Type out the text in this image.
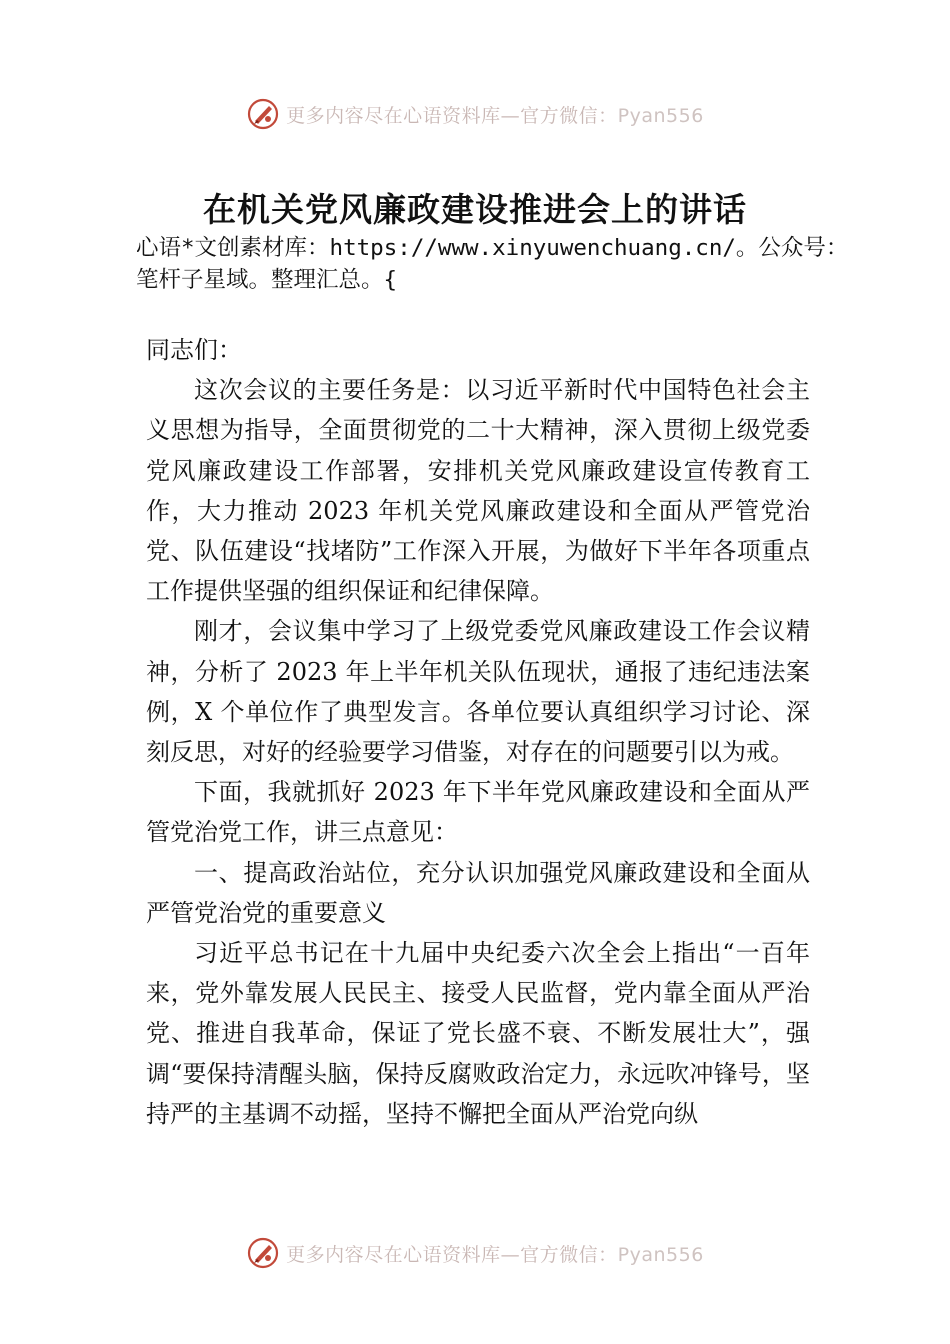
更多内容尽在心语资料库—官方微信：Pyan556
在机关党风廉政建设推进会上的讲话
心语*文创素材库：https://www.xinyuwenchuang.cn/。公众号：笔杆子星域。整理汇总。{

同志们：

这次会议的主要任务是：以习近平新时代中国特色社会主义思想为指导，全面贯彻党的二十大精神，深入贯彻上级党委党风廉政建设工作部署，安排机关党风廉政建设宣传教育工作，大力推动 2023 年机关党风廉政建设和全面从严管党治党、队伍建设“找堵防”工作深入开展，为做好下半年各项重点工作提供坚强的组织保证和纪律保障。

刚才，会议集中学习了上级党委党风廉政建设工作会议精神，分析了 2023 年上半年机关队伍现状，通报了违纪违法案例，X 个单位作了典型发言。各单位要认真组织学习讨论、深刻反思，对好的经验要学习借鉴，对存在的问题要引以为戒。

下面，我就抓好 2023 年下半年党风廉政建设和全面从严管党治党工作，讲三点意见：

一、提高政治站位，充分认识加强党风廉政建设和全面从严管党治党的重要意义

习近平总书记在十九届中央纪委六次全会上指出“一百年来，党外靠发展人民民主、接受人民监督，党内靠全面从严治党、推进自我革命，保证了党长盛不衰、不断发展壮大”，强调“要保持清醒头脑，保持反腐败政治定力，永远吹冲锋号，坚持严的主基调不动摇，坚持不懈把全面从严治党向纵

更多内容尽在心语资料库—官方微信：Pyan556
